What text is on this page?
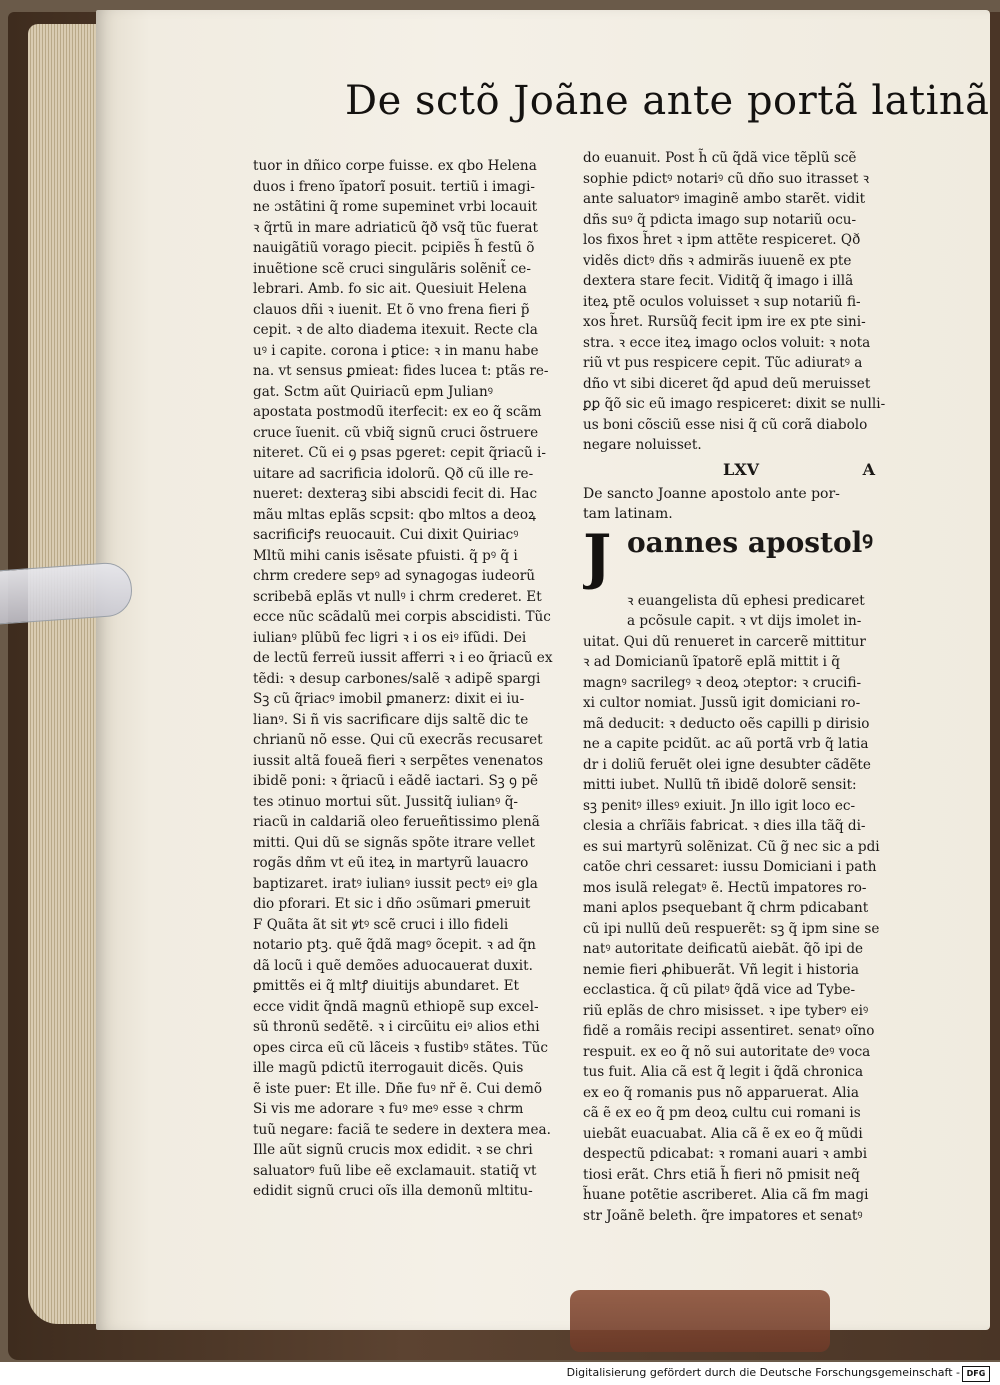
De sctõ Joãne ante portã latinã
tuor in dñico corpe fuisse. ex qbo Helena
duos i freno ĩpatorĩ posuit. tertiũ i imagi-
ne ɔstãtini q̃ rome supeminet vrbi locauit
ꝛ q̃rtũ in mare adriaticũ q̃ð vsq̃ tũc fuerat
nauigãtiũ vorago piecit. pcipiẽs h̃ festũ õ
inuẽtione scẽ cruci singulãris solẽnit̃ ce-
lebrari. Amb. fo sic ait. Quesiuit Helena
clauos dñi ꝛ iuenit. Et õ vno frena fieri p̃
cepit. ꝛ de alto diadema itexuit. Recte cla
uꝰ i capite. corona i ꝑtice: ꝛ in manu habe
na. vt sensus ꝑmieat: fides lucea t: ptãs re-
gat. Sctm aũt Quiriacũ epm Julianꝰ
apostata postmodũ iterfecit: ex eo q̃ scãm
cruce ĩuenit. cũ vbiq̃ signũ cruci õstruere
niteret. Cũ ei ꝯ psas pgeret: cepit q̃riacũ i-
uitare ad sacrificia idolorũ. Qð cũ ille re-
nueret: dexteraꝫ sibi abscidi fecit di. Hac
mãu mltas eplãs scpsit: qbo mltos a deoꝝ
sacrificiꝭs reuocauit. Cui dixit Quiriacꝰ
Mltũ mihi canis isẽsate pfuisti. q̃ pꝰ q̃ i
chrm credere sepꝰ ad synagogas iudeorũ
scribebã eplãs vt nullꝰ i chrm crederet. Et
ecce nũc scãdalũ mei corpis abscidisti. Tũc
iulianꝰ plũbũ fec ligri ꝛ i os eiꝰ ifũdi. Dei
de lectũ ferreũ iussit afferri ꝛ i eo q̃riacũ ex
tẽdi: ꝛ desup carbones/salẽ ꝛ adipẽ spargi
Sꝫ cũ q̃riacꝰ imobil ꝑmanerz: dixit ei iu-
lianꝰ. Si ñ vis sacrificare dijs saltẽ dic te
chrianũ nõ esse. Qui cũ execrãs recusaret
iussit altã foueã fieri ꝛ serpẽtes venenatos
ibidẽ poni: ꝛ q̃riacũ i eãdẽ iactari. Sꝫ ꝯ pẽ
tes ɔtinuo mortui sũt. Jussitq̃ iulianꝰ q̃-
riacũ in caldariã oleo ferueñtissimo plenã
mitti. Qui dũ se signãs spõte itrare vellet
rogãs dñm vt eũ iteꝝ in martyrũ lauacro
baptizaret. iratꝰ iulianꝰ iussit pectꝰ eiꝰ gla
dio pforari. Et sic i dño ɔsũmari ꝑmeruit
F Quãta ãt sit ꝟtꝰ scẽ cruci i illo fideli
notario ptꝫ. quẽ q̃dã magꝰ õcepit. ꝛ ad q̃n
dã locũ i quẽ demões aduocauerat duxit.
ꝑmittẽs ei q̃ mltꝭ diuitijs abundaret. Et
ecce vidit q̃ndã magnũ ethiopẽ sup excel-
sũ thronũ sedẽtẽ. ꝛ i circũitu eiꝰ alios ethi
opes circa eũ cũ lãceis ꝛ fustibꝰ stãtes. Tũc
ille magũ pdictũ iterrogauit dicẽs. Quis
ẽ iste puer: Et ille. Dñe fuꝰ nr̃ ẽ. Cui demõ
Si vis me adorare ꝛ fuꝰ meꝰ esse ꝛ chrm
tuũ negare: faciã te sedere in dextera mea.
Ille aũt signũ crucis mox edidit. ꝛ se chri
saluatorꝰ fuũ libe eẽ exclamauit. statiq̃ vt
edidit signũ cruci oĩs illa demonũ mltitu-
do euanuit. Post h̃ cũ q̃dã vice tẽplũ scẽ
sophie pdictꝰ notariꝰ cũ dño suo itrasset ꝛ
ante saluatorꝰ imaginẽ ambo starẽt. vidit
dñs suꝰ q̃ pdicta imago sup notariũ ocu-
los fixos h̃ret ꝛ ipm attẽte respiceret. Qð
vidẽs dictꝰ dñs ꝛ admirãs iuuenẽ ex pte
dextera stare fecit. Viditq̃ q̃ imago i illã
iteꝝ ptẽ oculos voluisset ꝛ sup notariũ fi-
xos h̃ret. Rursũq̃ fecit ipm ire ex pte sini-
stra. ꝛ ecce iteꝝ imago oclos voluit: ꝛ nota
riũ vt pus respicere cepit. Tũc adiuratꝰ a
dño vt sibi diceret q̃d apud deũ meruisset
ꝑꝑ q̃õ sic eũ imago respiceret: dixit se nulli-
us boni cõsciũ esse nisi q̃ cũ corã diabolo
negare noluisset.
LXV	A
De sancto Joanne apostolo ante por-
tam latinam.
J oannes apostolꝰ
ꝛ euangelista dũ ephesi predicaret
a pcõsule capit. ꝛ vt dijs imolet in-
uitat. Qui dũ renueret in carcerẽ mittitur
ꝛ ad Domicianũ ĩpatorẽ eplã mittit i q̃
magnꝰ sacrilegꝰ ꝛ deoꝝ ɔteptor: ꝛ crucifi-
xi cultor nomiat. Jussũ igit domiciani ro-
mã deducit: ꝛ deducto oẽs capilli p dirisio
ne a capite pcidũt. ac aũ portã vrb q̃ latia
dr i doliũ feruẽt olei igne desubter cãdẽte
mitti iubet. Nullũ tñ ibidẽ dolorẽ sensit:
sꝫ penitꝰ illesꝰ exiuit. Jn illo igit loco ec-
clesia a chrĩãis fabricat. ꝛ dies illa tãq̃ di-
es sui martyrũ solẽnizat. Cũ g̃ nec sic a pdi
catõe chri cessaret: iussu Domiciani i path
mos isulã relegatꝰ ẽ. Hectũ impatores ro-
mani aplos psequebant q̃ chrm pdicabant
cũ ipi nullũ deũ respuerẽt: sꝫ q̃ ipm sine se
natꝰ autoritate deificatũ aiebãt. q̃õ ipi de
nemie fieri ꝓhibuerãt. Vñ legit i historia
ecclastica. q̃ cũ pilatꝰ q̃dã vice ad Tybe-
riũ eplãs de chro misisset. ꝛ ipe tyberꝰ eiꝰ
fidẽ a romãis recipi assentiret. senatꝰ oĩno
respuit. ex eo q̃ nõ sui autoritate deꝰ voca
tus fuit. Alia cã est q̃ legit i q̃dã chronica
ex eo q̃ romanis pus nõ apparuerat. Alia
cã ẽ ex eo q̃ pm deoꝝ cultu cui romani is
uiebãt euacuabat. Alia cã ẽ ex eo q̃ mũdi
despectũ pdicabat: ꝛ romani auari ꝛ ambi
tiosi erãt. Chrs etiã h̃ fieri nõ pmisit neq̃
h̃uane potẽtie ascriberet. Alia cã fm magi
str Joãnẽ beleth. q̃re impatores et senatꝰ
Digitalisierung gefördert durch die Deutsche Forschungsgemeinschaft - DFG
